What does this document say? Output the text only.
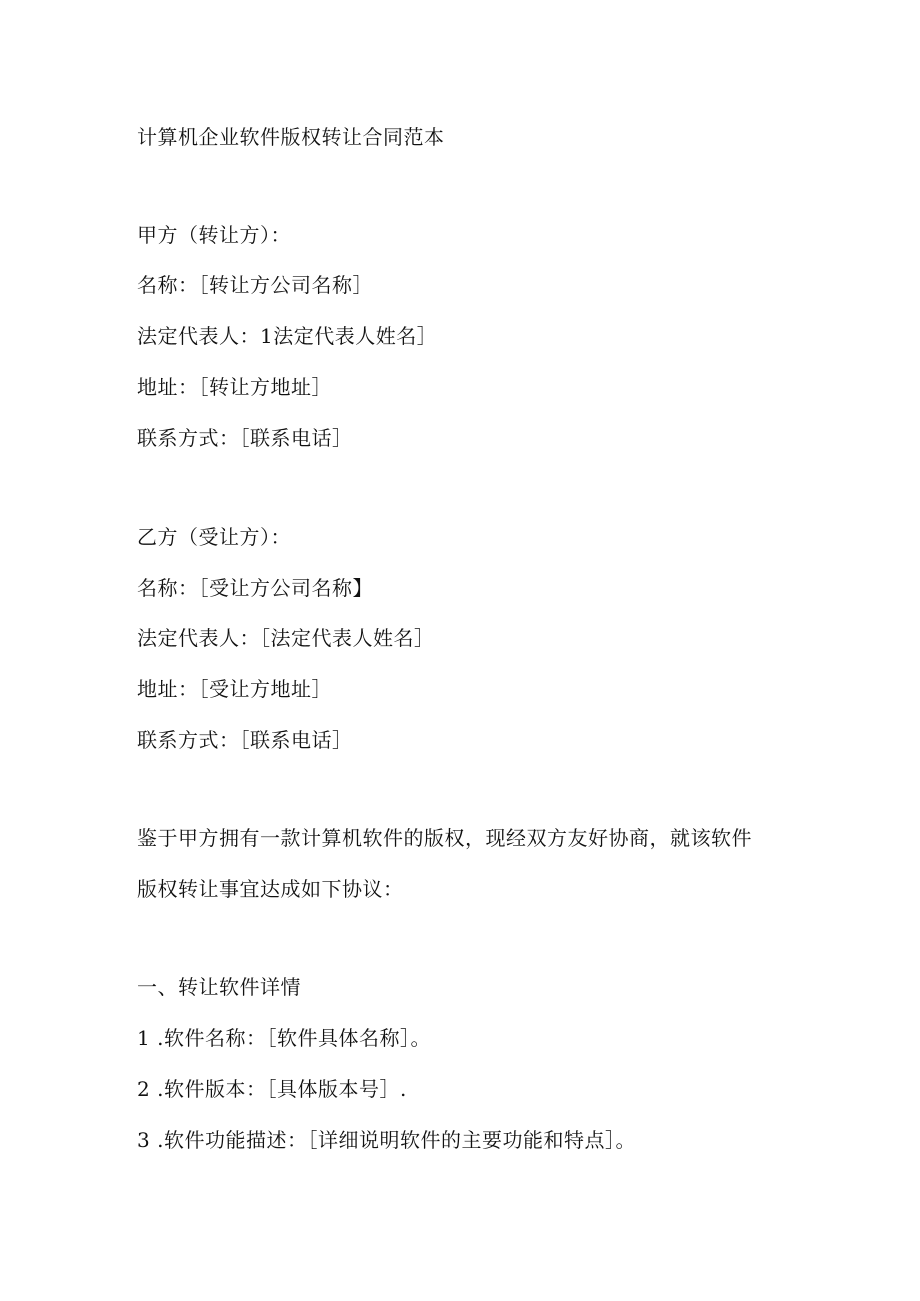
计算机企业软件版权转让合同范本
甲方（转让方）：
名称：［转让方公司名称］
法定代表人：1法定代表人姓名］
地址：［转让方地址］
联系方式：［联系电话］
乙方（受让方）：
名称：［受让方公司名称】
法定代表人：［法定代表人姓名］
地址：［受让方地址］
联系方式：［联系电话］
鉴于甲方拥有一款计算机软件的版权，现经双方友好协商，就该软件
版权转让事宜达成如下协议：
一、转让软件详情
1 .软件名称：［软件具体名称］。
2 .软件版本：［具体版本号］.
3 .软件功能描述：［详细说明软件的主要功能和特点］。
